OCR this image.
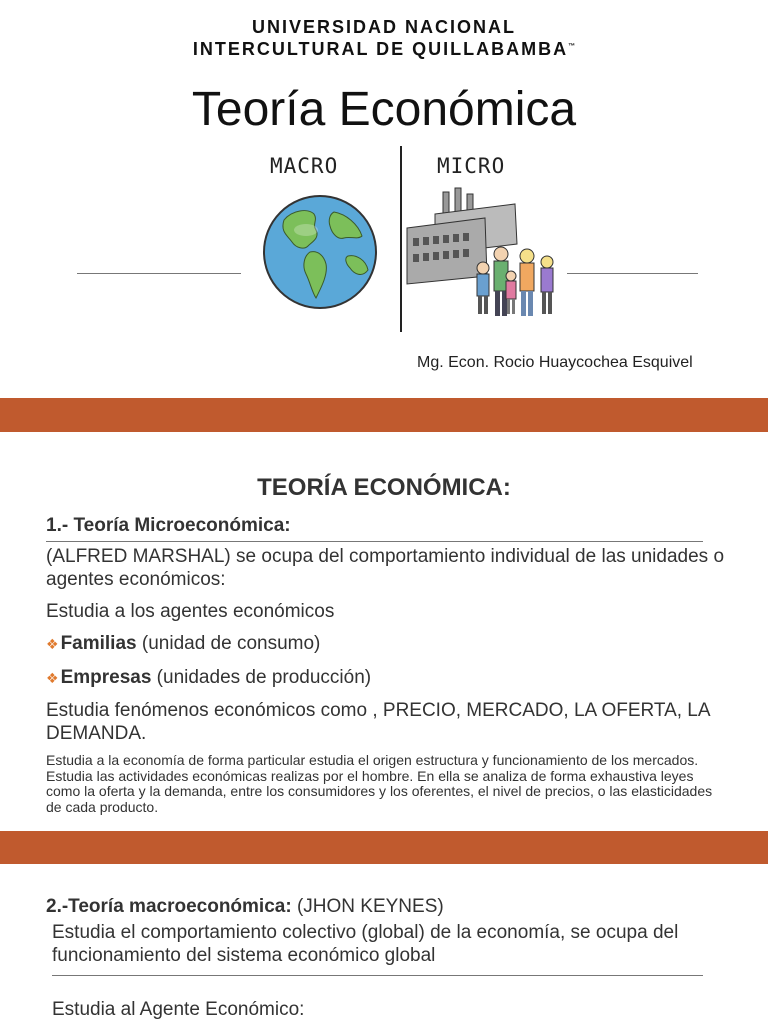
UNIVERSIDAD NACIONAL
INTERCULTURAL DE QUILLABAMBA™
Teoría Económica
MACRO	MICRO
Mg. Econ. Rocio Huaycochea Esquivel
TEORÍA ECONÓMICA:
1.- Teoría Microeconómica:
(ALFRED MARSHAL) se ocupa del comportamiento individual de las unidades o agentes económicos:
Estudia a los agentes económicos
❖ Familias (unidad de consumo)
❖ Empresas (unidades de producción)
Estudia fenómenos económicos como , PRECIO, MERCADO, LA OFERTA, LA DEMANDA.
Estudia a la economía de forma particular estudia el origen estructura y funcionamiento de los mercados. Estudia las actividades económicas realizas por el hombre. En ella se analiza de forma exhaustiva leyes como la oferta y la demanda, entre los consumidores y los oferentes, el nivel de precios, o las elasticidades de cada producto.
2.-Teoría macroeconómica: (JHON KEYNES)
Estudia el comportamiento colectivo (global) de la economía, se ocupa del funcionamiento del sistema económico global
Estudia al Agente Económico:
